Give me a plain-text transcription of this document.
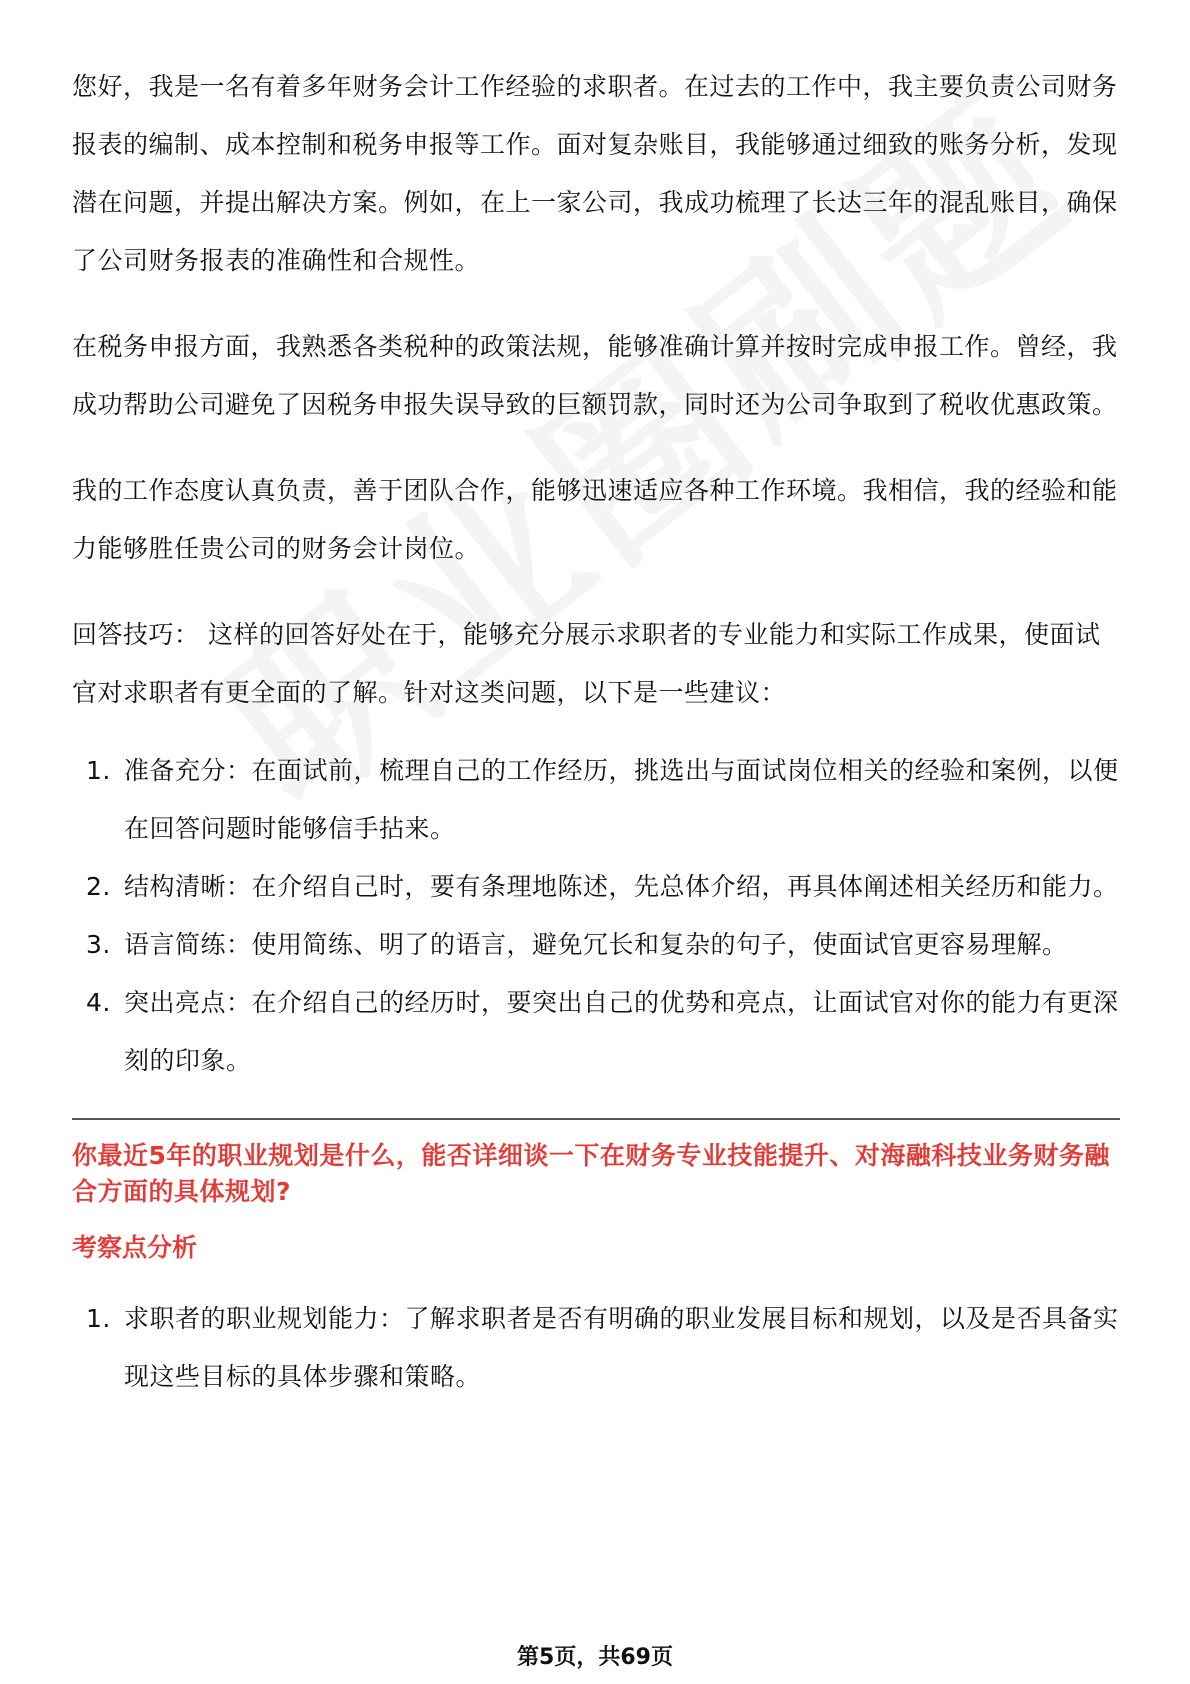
您好，我是一名有着多年财务会计工作经验的求职者。在过去的工作中，我主要负责公司财务报表的编制、成本控制和税务申报等工作。面对复杂账目，我能够通过细致的账务分析，发现潜在问题，并提出解决方案。例如，在上一家公司，我成功梳理了长达三年的混乱账目，确保了公司财务报表的准确性和合规性。

在税务申报方面，我熟悉各类税种的政策法规，能够准确计算并按时完成申报工作。曾经，我成功帮助公司避免了因税务申报失误导致的巨额罚款，同时还为公司争取到了税收优惠政策。

我的工作态度认真负责，善于团队合作，能够迅速适应各种工作环境。我相信，我的经验和能力能够胜任贵公司的财务会计岗位。

回答技巧： 这样的回答好处在于，能够充分展示求职者的专业能力和实际工作成果，使面试官对求职者有更全面的了解。针对这类问题，以下是一些建议：

1. 准备充分：在面试前，梳理自己的工作经历，挑选出与面试岗位相关的经验和案例，以便在回答问题时能够信手拈来。
2. 结构清晰：在介绍自己时，要有条理地陈述，先总体介绍，再具体阐述相关经历和能力。
3. 语言简练：使用简练、明了的语言，避免冗长和复杂的句子，使面试官更容易理解。
4. 突出亮点：在介绍自己的经历时，要突出自己的优势和亮点，让面试官对你的能力有更深刻的印象。
你最近5年的职业规划是什么，能否详细谈一下在财务专业技能提升、对海融科技业务财务融合方面的具体规划?
考察点分析
1. 求职者的职业规划能力：了解求职者是否有明确的职业发展目标和规划，以及是否具备实现这些目标的具体步骤和策略。
第5页，共69页
